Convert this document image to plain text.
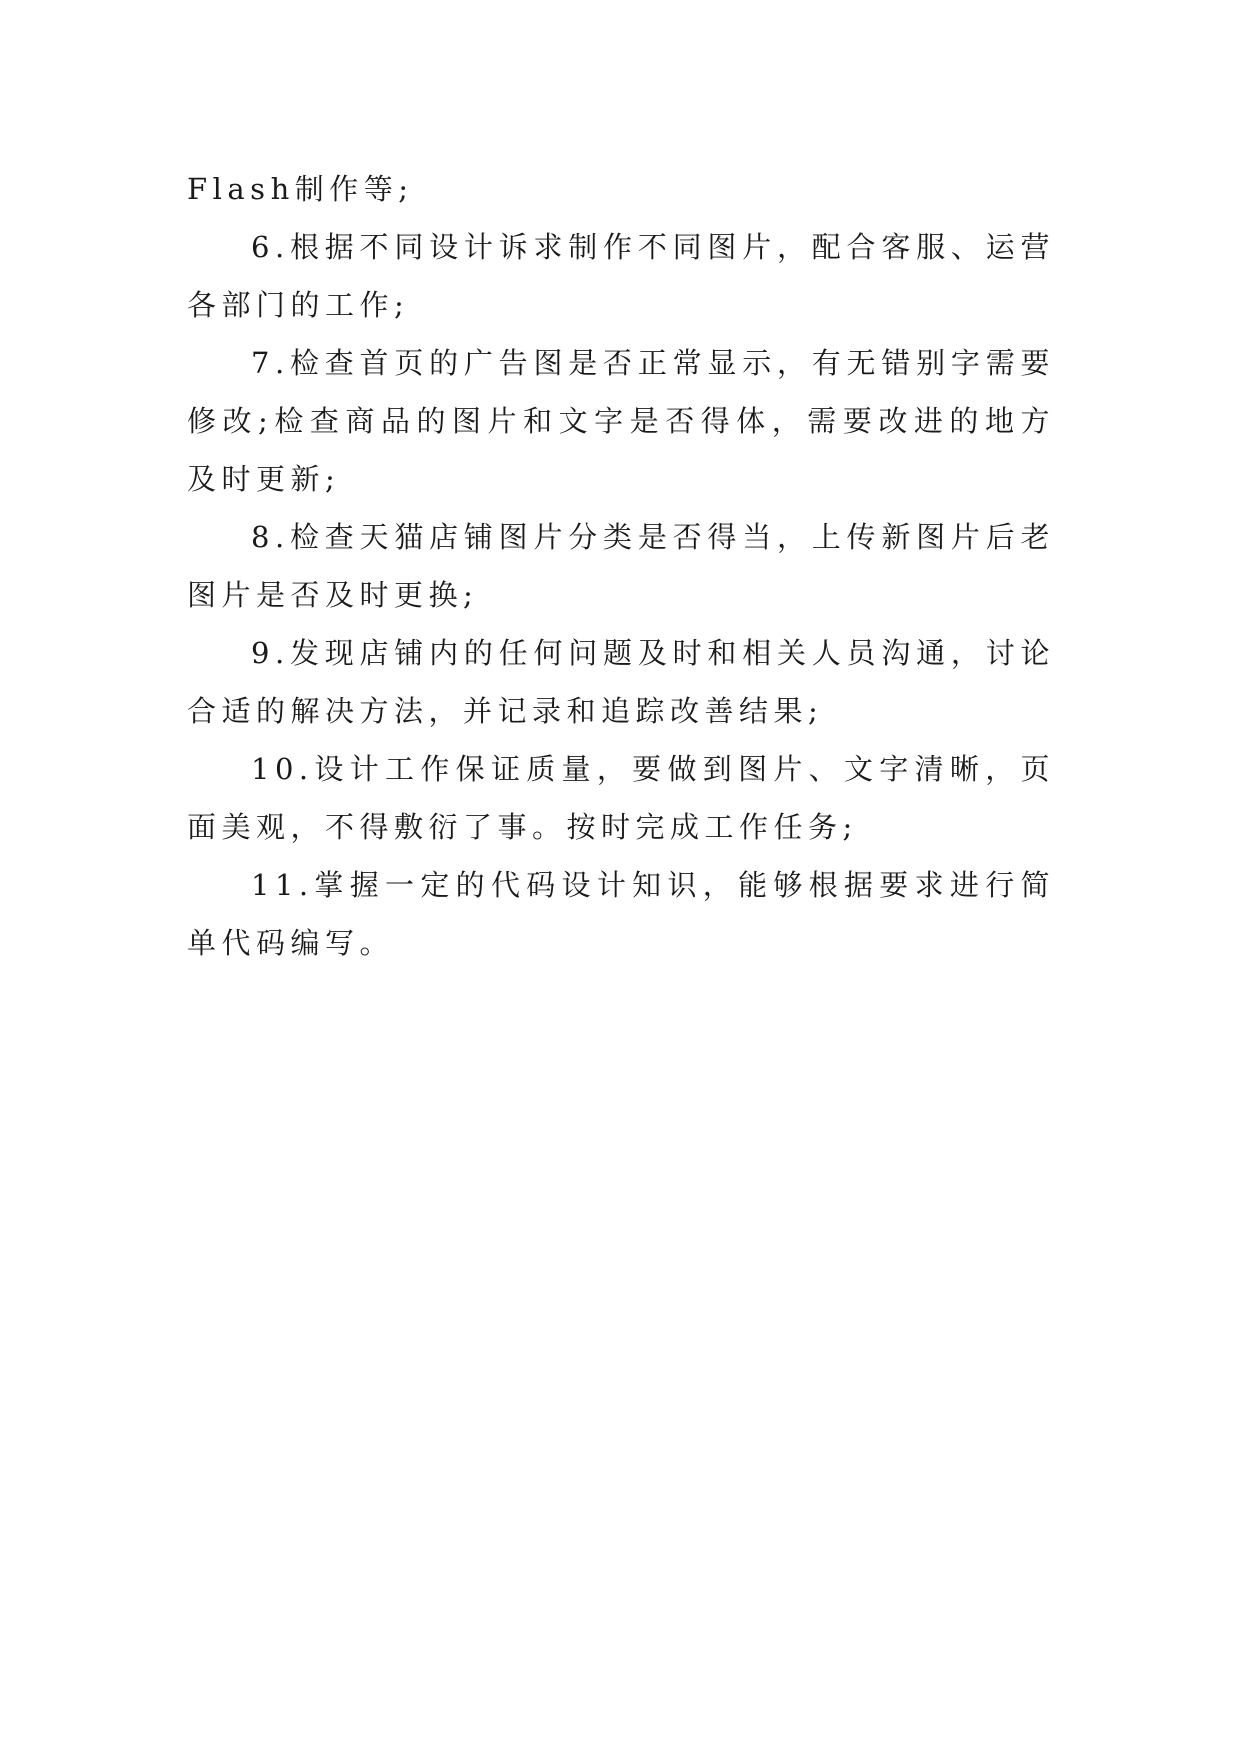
Flash制作等;

6.根据不同设计诉求制作不同图片，配合客服、运营各部门的工作;

7.检查首页的广告图是否正常显示，有无错别字需要修改;检查商品的图片和文字是否得体，需要改进的地方及时更新;

8.检查天猫店铺图片分类是否得当，上传新图片后老图片是否及时更换;

9.发现店铺内的任何问题及时和相关人员沟通，讨论合适的解决方法，并记录和追踪改善结果;

10.设计工作保证质量，要做到图片、文字清晰，页面美观，不得敷衍了事。按时完成工作任务;

11.掌握一定的代码设计知识，能够根据要求进行简单代码编写。
